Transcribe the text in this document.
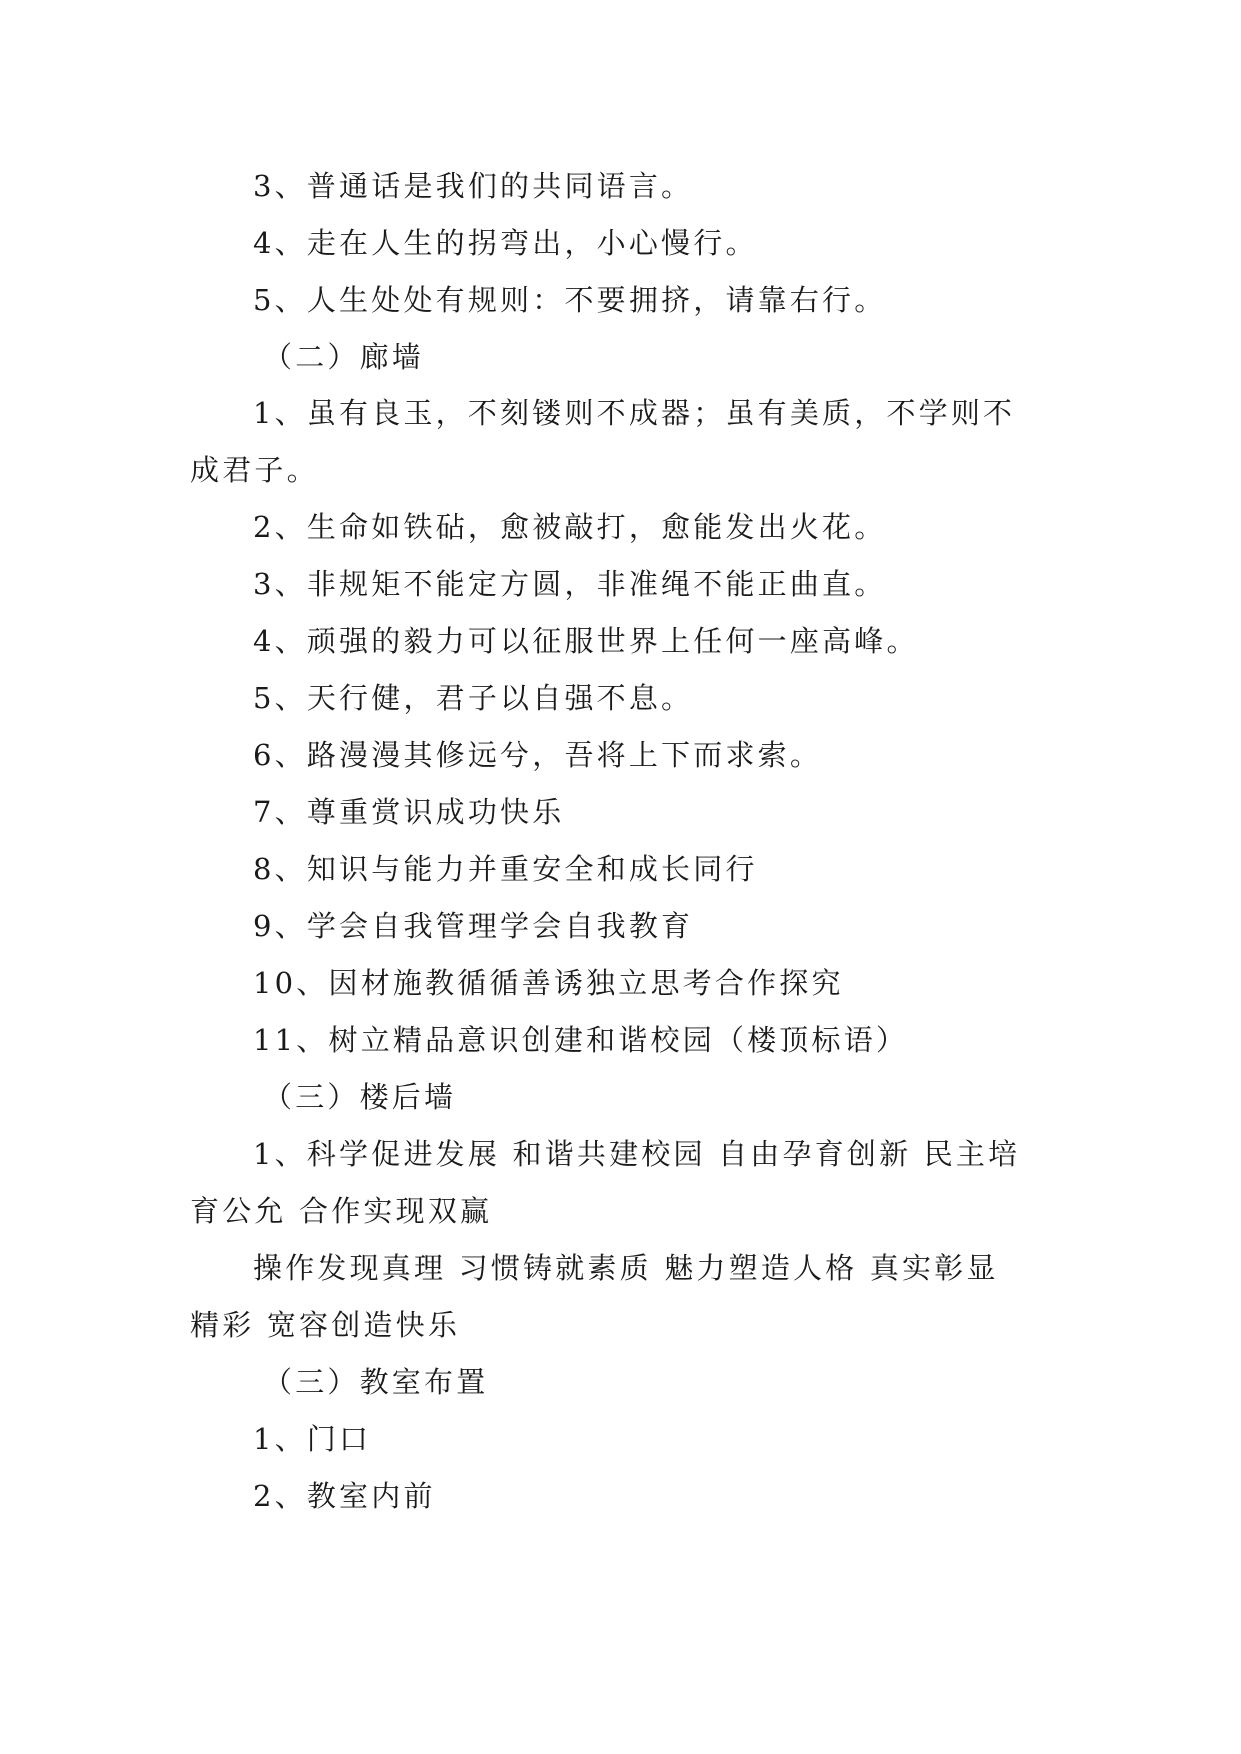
3、普通话是我们的共同语言。
4、走在人生的拐弯出，小心慢行。
5、人生处处有规则：不要拥挤，请靠右行。
（二）廊墙
1、虽有良玉，不刻镂则不成器；虽有美质，不学则不
成君子。
2、生命如铁砧，愈被敲打，愈能发出火花。
3、非规矩不能定方圆，非准绳不能正曲直。
4、顽强的毅力可以征服世界上任何一座高峰。
5、天行健，君子以自强不息。
6、路漫漫其修远兮，吾将上下而求索。
7、尊重赏识成功快乐
8、知识与能力并重安全和成长同行
9、学会自我管理学会自我教育
10、因材施教循循善诱独立思考合作探究
11、树立精品意识创建和谐校园（楼顶标语）
（三）楼后墙
1、科学促进发展 和谐共建校园 自由孕育创新 民主培
育公允 合作实现双赢
操作发现真理 习惯铸就素质 魅力塑造人格 真实彰显
精彩 宽容创造快乐
（三）教室布置
1、门口
2、教室内前
